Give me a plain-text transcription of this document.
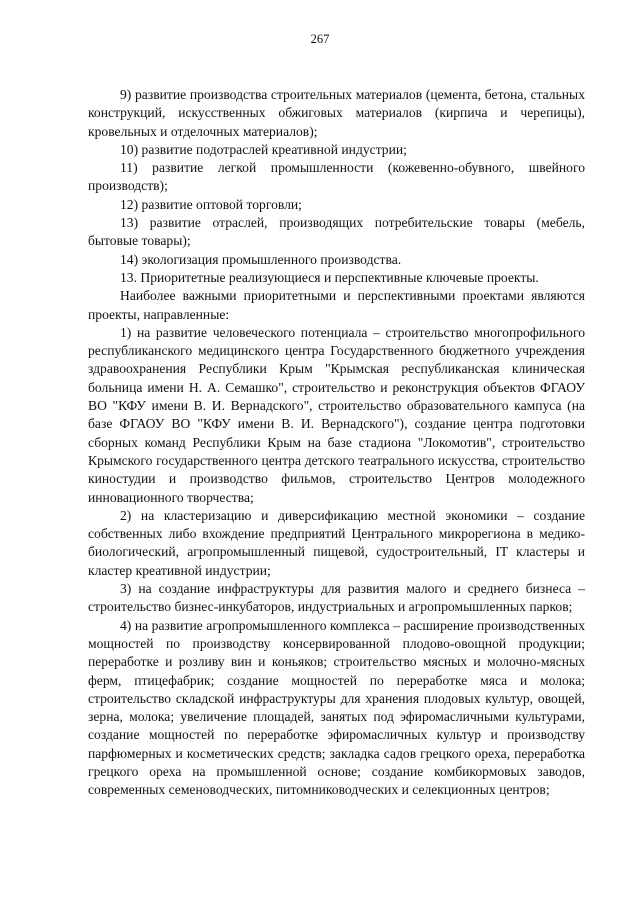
267

9) развитие производства строительных материалов (цемента, бетона, стальных конструкций, искусственных обжиговых материалов (кирпича и черепицы), кровельных и отделочных материалов);

10) развитие подотраслей креативной индустрии;

11) развитие легкой промышленности (кожевенно-обувного, швейного производств);

12) развитие оптовой торговли;

13) развитие отраслей, производящих потребительские товары (мебель, бытовые товары);

14) экологизация промышленного производства.

13. Приоритетные реализующиеся и перспективные ключевые проекты.

Наиболее важными приоритетными и перспективными проектами являются проекты, направленные:

1) на развитие человеческого потенциала – строительство многопрофильного республиканского медицинского центра Государственного бюджетного учреждения здравоохранения Республики Крым "Крымская республиканская клиническая больница имени Н. А. Семашко", строительство и реконструкция объектов ФГАОУ ВО "КФУ имени В. И. Вернадского", строительство образовательного кампуса (на базе ФГАОУ ВО "КФУ имени В. И. Вернадского"), создание центра подготовки сборных команд Республики Крым на базе стадиона "Локомотив", строительство Крымского государственного центра детского театрального искусства, строительство киностудии и производство фильмов, строительство Центров молодежного инновационного творчества;

2) на кластеризацию и диверсификацию местной экономики – создание собственных либо вхождение предприятий Центрального микрорегиона в медико-биологический, агропромышленный пищевой, судостроительный, IT кластеры и кластер креативной индустрии;

3) на создание инфраструктуры для развития малого и среднего бизнеса – строительство бизнес-инкубаторов, индустриальных и агропромышленных парков;

4) на развитие агропромышленного комплекса – расширение производственных мощностей по производству консервированной плодово-овощной продукции; переработке и розливу вин и коньяков; строительство мясных и молочно-мясных ферм, птицефабрик; создание мощностей по переработке мяса и молока; строительство складской инфраструктуры для хранения плодовых культур, овощей, зерна, молока; увеличение площадей, занятых под эфиромасличными культурами, создание мощностей по переработке эфиромасличных культур и производству парфюмерных и косметических средств; закладка садов грецкого ореха, переработка грецкого ореха на промышленной основе; создание комбикормовых заводов, современных семеноводческих, питомниководческих и селекционных центров;
